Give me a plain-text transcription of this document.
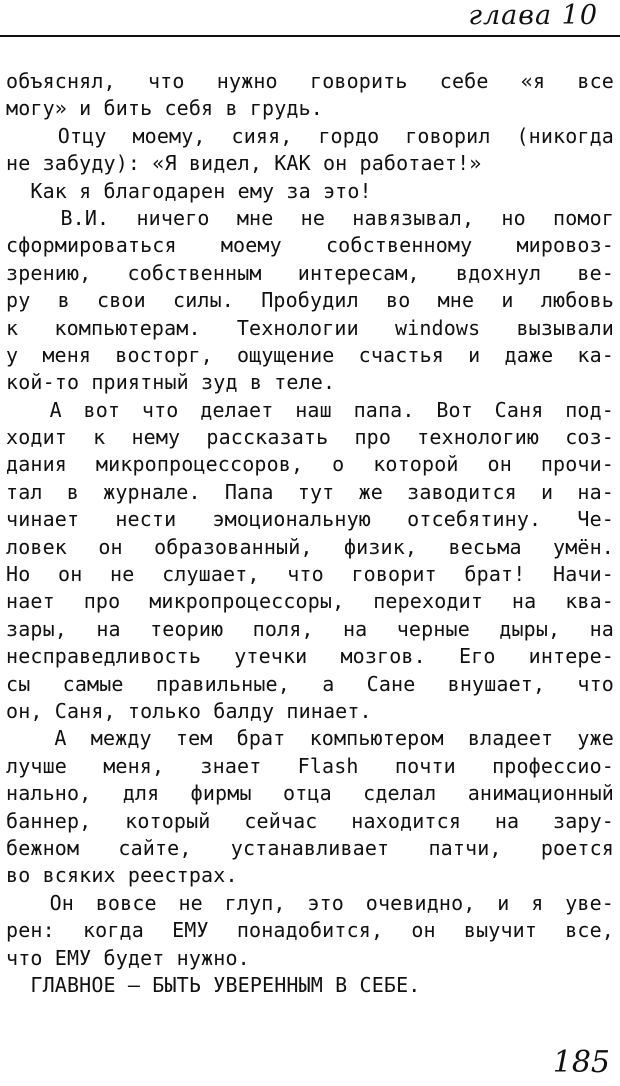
глава 10
объяснял, что нужно говорить себе «я все
могу» и бить себя в грудь.
Отцу моему, сияя, гордо говорил (никогда
не забуду): «Я видел, КАК он работает!»
Как я благодарен ему за это!
В.И. ничего мне не навязывал, но помог
сформироваться моему собственному мировоз-
зрению, собственным интересам, вдохнул ве-
ру в свои силы. Пробудил во мне и любовь
к компьютерам. Технологии windows вызывали
у меня восторг, ощущение счастья и даже ка-
кой-то приятный зуд в теле.
А вот что делает наш папа. Вот Саня под-
ходит к нему рассказать про технологию соз-
дания микропроцессоров, о которой он прочи-
тал в журнале. Папа тут же заводится и на-
чинает нести эмоциональную отсебятину. Че-
ловек он образованный, физик, весьма умён.
Но он не слушает, что говорит брат! Начи-
нает про микропроцессоры, переходит на ква-
зары, на теорию поля, на черные дыры, на
несправедливость утечки мозгов. Его интере-
сы самые правильные, а Сане внушает, что
он, Саня, только балду пинает.
А между тем брат компьютером владеет уже
лучше меня, знает Flash почти профессио-
нально, для фирмы отца сделал анимационный
баннер, который сейчас находится на зару-
бежном сайте, устанавливает патчи, роется
во всяких реестрах.
Он вовсе не глуп, это очевидно, и я уве-
рен: когда ЕМУ понадобится, он выучит все,
что ЕМУ будет нужно.
ГЛАВНОЕ — БЫТЬ УВЕРЕННЫМ В СЕБЕ.
185
